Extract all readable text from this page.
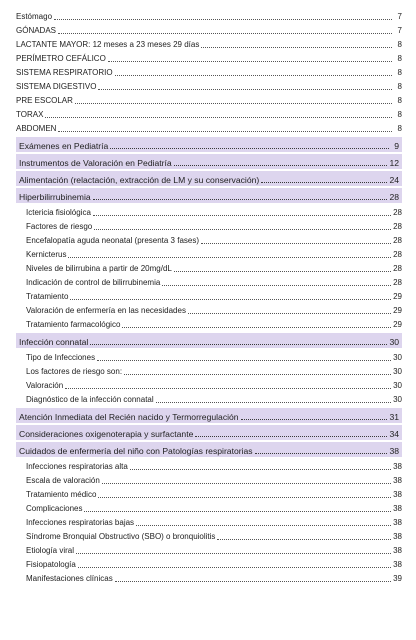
Estómago	7
GÓNADAS	7
LACTANTE MAYOR: 12 meses a 23 meses 29 días	8
PERÍMETRO CEFÁLICO	8
SISTEMA RESPIRATORIO	8
SISTEMA DIGESTIVO	8
PRE ESCOLAR	8
TORAX	8
ABDOMEN	8
Exámenes en Pediatría	9
Instrumentos de Valoración en Pediatría	12
Alimentación (relactación, extracción de LM y su conservación)	24
Hiperbilirrubinemia	28
Ictericia fisiológica	28
Factores de riesgo	28
Encefalopatía aguda neonatal (presenta 3 fases)	28
Kernicterus	28
Niveles de bilirrubina a partir de 20mg/dL	28
Indicación de control de bilirrubinemia	28
Tratamiento	29
Valoración de enfermería en las necesidades	29
Tratamiento farmacológico	29
Infección connatal	30
Tipo de Infecciones	30
Los factores de riesgo son:	30
Valoración	30
Diagnóstico de la infección connatal	30
Atención Inmediata del Recién nacido y Termorregulación	31
Consideraciones oxigenoterapia y surfactante	34
Cuidados de enfermería del niño con Patologías respiratorias	38
Infecciones respiratorias alta	38
Escala de valoración	38
Tratamiento médico	38
Complicaciones	38
Infecciones respiratorias bajas	38
Síndrome Bronquial Obstructivo (SBO) o bronquiolitis	38
Etiología viral	38
Fisiopatología	38
Manifestaciones clínicas	39
